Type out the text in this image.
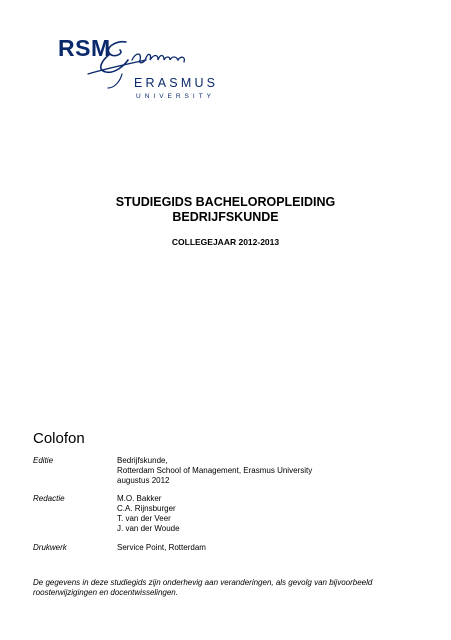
RSM
ERASMUS
UNIVERSITY
STUDIEGIDS BACHELOROPLEIDING
BEDRIJFSKUNDE
COLLEGEJAAR 2012-2013
Colofon
Editie	Bedrijfskunde,
Rotterdam School of Management, Erasmus University
augustus 2012
Redactie	M.O. Bakker
C.A. Rijnsburger
T. van der Veer
J. van der Woude
Drukwerk	Service Point, Rotterdam
De gegevens in deze studiegids zijn onderhevig aan veranderingen, als gevolg van bijvoorbeeld
roosterwijzigingen en docentwisselingen.
